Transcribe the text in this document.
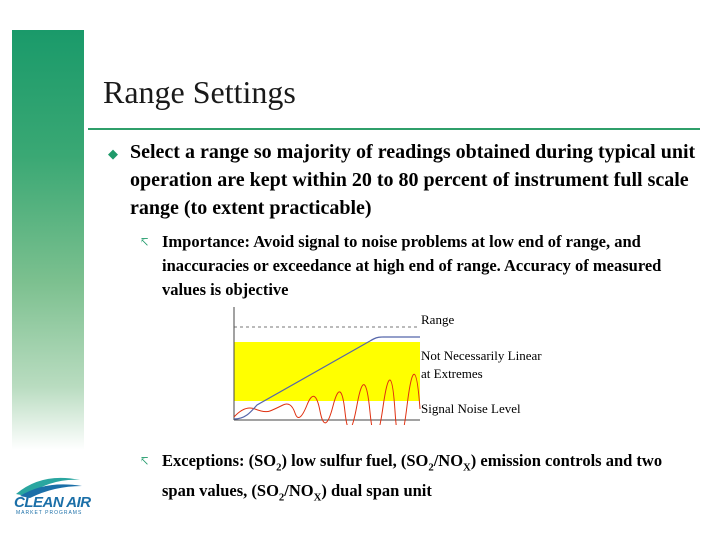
Range Settings
◆ Select a range so majority of readings obtained during typical unit operation are kept within 20 to 80 percent of instrument full scale range (to extent practicable)
↸ Importance: Avoid signal to noise problems at low end of range, and inaccuracies or exceedance at high end of range. Accuracy of measured values is objective
Range
Not Necessarily Linear
at Extremes
Signal Noise Level
↸ Exceptions: $(SO_2)$ low sulfur fuel, $(SO_2/NO_X)$ emission controls and two span values, $(SO_2/NO_X)$ dual span unit
CLEAN AIR
MARKET PROGRAMS
